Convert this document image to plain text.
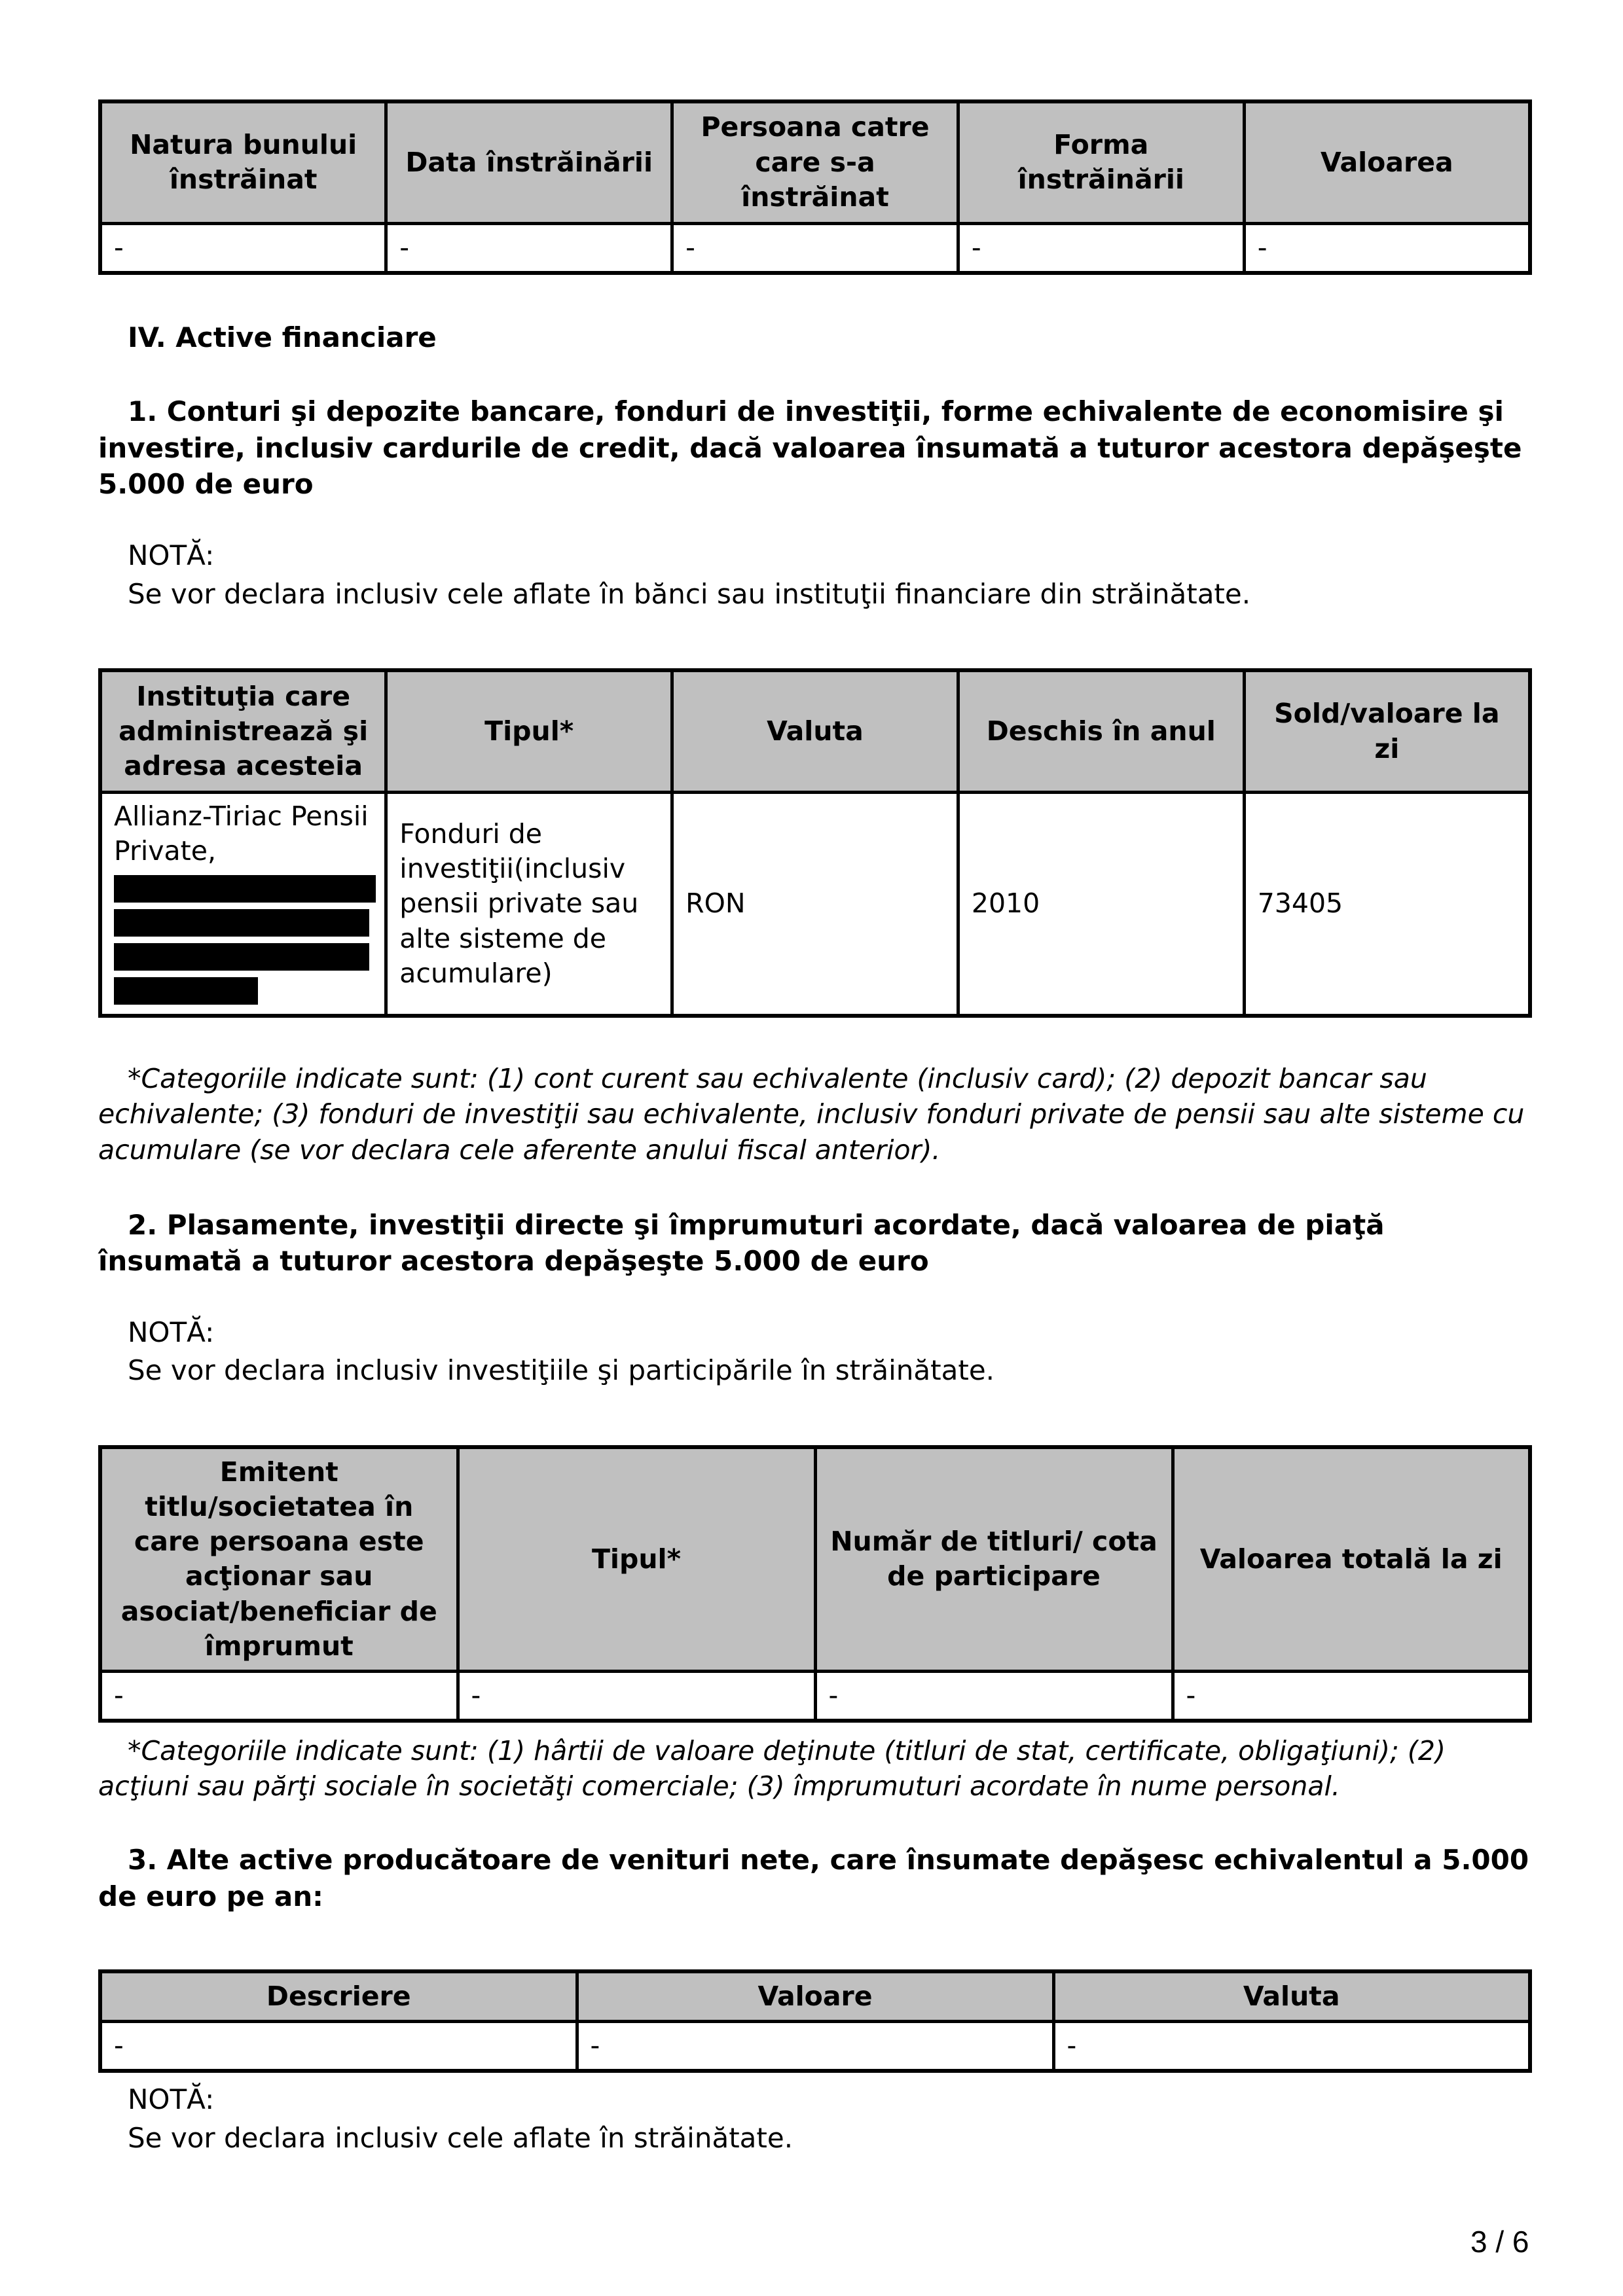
Natura bunului înstrăinat	Data înstrăinării	Persoana catre care s-a înstrăinat	Forma înstrăinării	Valoarea
-	-	-	-	-

IV. Active financiare

1. Conturi şi depozite bancare, fonduri de investiţii, forme echivalente de economisire şi investire, inclusiv cardurile de credit, dacă valoarea însumată a tuturor acestora depăşeşte 5.000 de euro

NOTĂ:

Se vor declara inclusiv cele aflate în bănci sau instituţii financiare din străinătate.

Instituţia care administrează şi adresa acesteia	Tipul*	Valuta	Deschis în anul	Sold/valoare la zi
Allianz-Tiriac Pensii Private,	Fonduri de investiţii(inclusiv pensii private sau alte sisteme de acumulare)	RON	2010	73405

*Categoriile indicate sunt: (1) cont curent sau echivalente (inclusiv card); (2) depozit bancar sau echivalente; (3) fonduri de investiţii sau echivalente, inclusiv fonduri private de pensii sau alte sisteme cu acumulare (se vor declara cele aferente anului fiscal anterior).

2. Plasamente, investiţii directe şi împrumuturi acordate, dacă valoarea de piaţă însumată a tuturor acestora depăşeşte 5.000 de euro

NOTĂ:

Se vor declara inclusiv investiţiile şi participările în străinătate.

Emitent titlu/societatea în care persoana este acţionar sau asociat/beneficiar de împrumut	Tipul*	Număr de titluri/ cota de participare	Valoarea totală la zi
-	-	-	-

*Categoriile indicate sunt: (1) hârtii de valoare deţinute (titluri de stat, certificate, obligaţiuni); (2) acţiuni sau părţi sociale în societăţi comerciale; (3) împrumuturi acordate în nume personal.

3. Alte active producătoare de venituri nete, care însumate depăşesc echivalentul a 5.000 de euro pe an:

Descriere	Valoare	Valuta
-	-	-

NOTĂ:

Se vor declara inclusiv cele aflate în străinătate.

3 / 6
